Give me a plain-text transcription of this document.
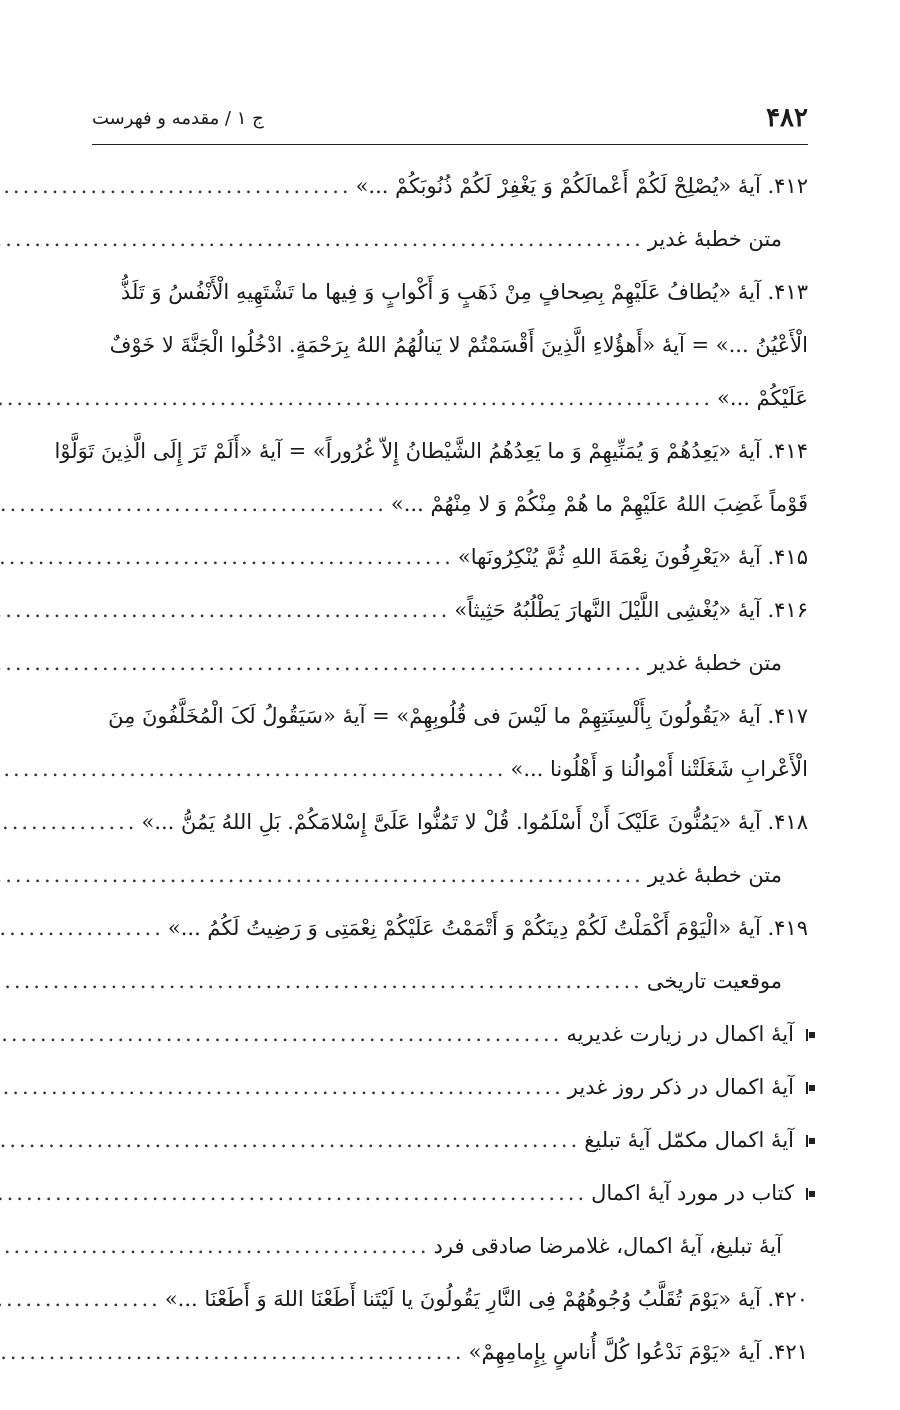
۴۸۲
ج ۱ / مقدمه و فهرست
۴۱۲. آیهٔ «یُصْلِحْ لَکُمْ أَعْمالَکُمْ وَ یَغْفِرْ لَکُمْ ذُنُوبَکُمْ ...»
.....
متن خطبهٔ غدیر
.....
۴۱۳. آیهٔ «یُطافُ عَلَیْهِمْ بِصِحافٍ مِنْ ذَهَبٍ وَ أَکْوابٍ وَ فِیها ما تَشْتَهِیهِ الْأَنْفُسُ وَ تَلَذُّ
الْأَعْیُنُ ...» = آیهٔ «أَهؤُلاءِ الَّذِینَ أَقْسَمْتُمْ لا یَنالُهُمُ اللهُ بِرَحْمَةٍ. ادْخُلُوا الْجَنَّةَ لا خَوْفٌ
عَلَیْکُمْ ...»
.....
۴۱۴. آیهٔ «یَعِدُهُمْ وَ یُمَنِّیهِمْ وَ ما یَعِدُهُمُ الشَّیْطانُ إِلاّ غُرُوراً» = آیهٔ «أَلَمْ تَرَ إِلَی الَّذِینَ تَوَلَّوْا
قَوْماً غَضِبَ اللهُ عَلَیْهِمْ ما هُمْ مِنْکُمْ وَ لا مِنْهُمْ ...»
.....
۴۱۵. آیهٔ «یَعْرِفُونَ نِعْمَةَ اللهِ ثُمَّ یُنْکِرُونَها»
.....
۴۱۶. آیهٔ «یُغْشِی اللَّیْلَ النَّهارَ یَطْلُبُهُ حَثِیثاً»
.....
متن خطبهٔ غدیر
.....
۴۱۷. آیهٔ «یَقُولُونَ بِأَلْسِنَتِهِمْ ما لَیْسَ فی قُلُوبِهِمْ» = آیهٔ «سَیَقُولُ لَکَ الْمُخَلَّفُونَ مِنَ
الْأَعْرابِ شَغَلَتْنا أَمْوالُنا وَ أَهْلُونا ...»
.....
۴۱۸. آیهٔ «یَمُنُّونَ عَلَیْکَ أَنْ أَسْلَمُوا. قُلْ لا تَمُنُّوا عَلَیَّ إِسْلامَکُمْ. بَلِ اللهُ یَمُنُّ ...»
.....
متن خطبهٔ غدیر
.....
۴۱۹. آیهٔ «الْیَوْمَ أَکْمَلْتُ لَکُمْ دِینَکُمْ وَ أَتْمَمْتُ عَلَیْکُمْ نِعْمَتِی وَ رَضِیتُ لَکُمُ ...»
.....
موقعیت تاریخی
.....
آیهٔ اکمال در زیارت غدیریه
.....
آیهٔ اکمال در ذکر روز غدیر
.....
آیهٔ اکمال مکمّل آیهٔ تبلیغ
.....
کتاب در مورد آیهٔ اکمال
.....
آیهٔ تبلیغ، آیهٔ اکمال، غلامرضا صادقی فرد
.....
۴۲۰. آیهٔ «یَوْمَ تُقَلَّبُ وُجُوهُهُمْ فِی النَّارِ یَقُولُونَ یا لَیْتَنا أَطَعْنَا اللهَ وَ أَطَعْنَا ...»
.....
۴۲۱. آیهٔ «یَوْمَ نَدْعُوا کُلَّ أُناسٍ بِإِمامِهِمْ»
.....
